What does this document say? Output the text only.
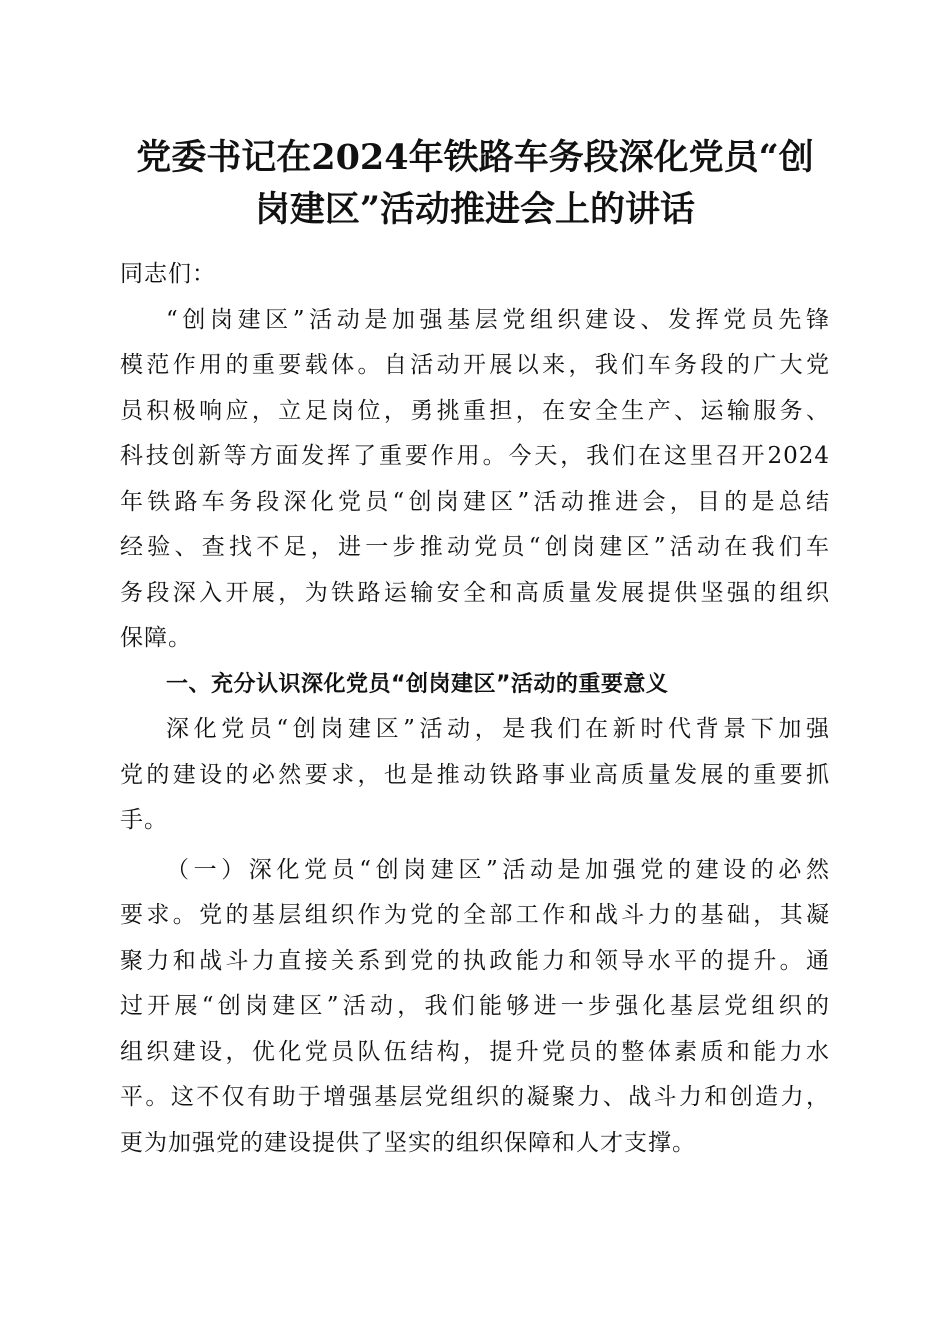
党委书记在2024年铁路车务段深化党员“创
岗建区”活动推进会上的讲话

同志们：

“创岗建区”活动是加强基层党组织建设、发挥党员先锋
模范作用的重要载体。自活动开展以来，我们车务段的广大党
员积极响应，立足岗位，勇挑重担，在安全生产、运输服务、
科技创新等方面发挥了重要作用。今天，我们在这里召开2024
年铁路车务段深化党员“创岗建区”活动推进会，目的是总结
经验、查找不足，进一步推动党员“创岗建区”活动在我们车
务段深入开展，为铁路运输安全和高质量发展提供坚强的组织
保障。

一、充分认识深化党员“创岗建区”活动的重要意义

深化党员“创岗建区”活动，是我们在新时代背景下加强
党的建设的必然要求，也是推动铁路事业高质量发展的重要抓
手。

（一）深化党员“创岗建区”活动是加强党的建设的必然
要求。党的基层组织作为党的全部工作和战斗力的基础，其凝
聚力和战斗力直接关系到党的执政能力和领导水平的提升。通
过开展“创岗建区”活动，我们能够进一步强化基层党组织的
组织建设，优化党员队伍结构，提升党员的整体素质和能力水
平。这不仅有助于增强基层党组织的凝聚力、战斗力和创造力，
更为加强党的建设提供了坚实的组织保障和人才支撑。
